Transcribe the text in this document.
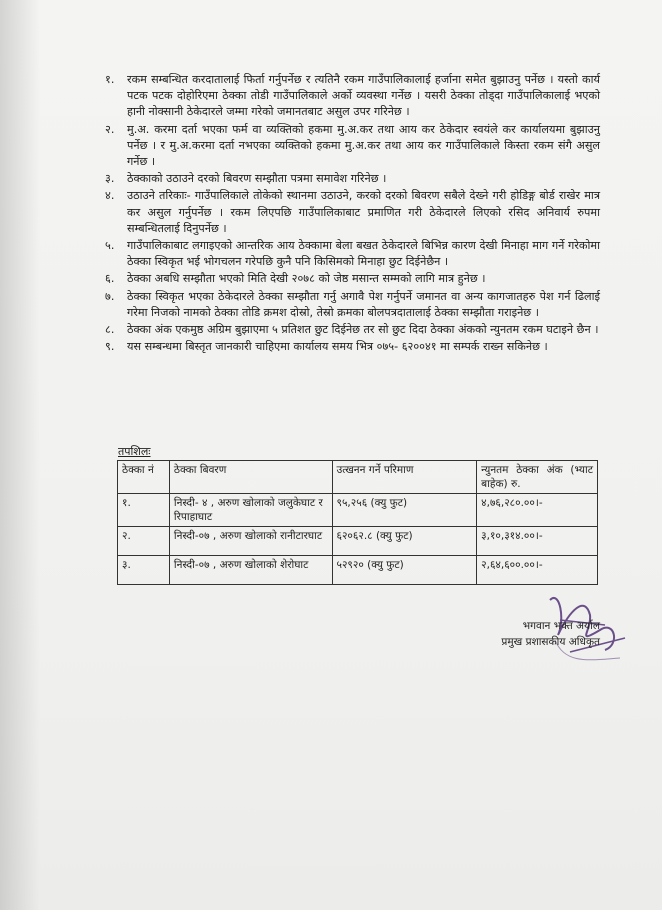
१.	रकम सम्बन्धित करदातालाई फिर्ता गर्नुपर्नेछ र त्यतिनै रकम गाउँपालिकालाई हर्जाना समेत बुझाउनु पर्नेछ । यस्तो कार्य पटक पटक दोहोरिएमा ठेक्का तोडी गाउँपालिकाले अर्को व्यवस्था गर्नेछ । यसरी ठेक्का तोड्दा गाउँपालिकालाई भएको हानी नोक्सानी ठेकेदारले जम्मा गरेको जमानतबाट असुल उपर गरिनेछ ।
२.	मु.अ. करमा दर्ता भएका फर्म वा व्यक्तिको हकमा मु.अ.कर तथा आय कर ठेकेदार स्वयंले कर कार्यालयमा बुझाउनु पर्नेछ । र मु.अ.करमा दर्ता नभएका व्यक्तिको हकमा मु.अ.कर तथा आय कर गाउँपालिकाले किस्ता रकम संगै असुल गर्नेछ ।
३.	ठेक्काको उठाउने दरको बिवरण सम्झौता पत्रमा समावेश गरिनेछ ।
४.	उठाउने तरिकाः- गाउँपालिकाले तोकेको स्थानमा उठाउने, करको दरको बिवरण सबैले देख्ने गरी होडिङ्ग बोर्ड राखेर मात्र कर असुल गर्नुपर्नेछ । रकम लिएपछि गाउँपालिकाबाट प्रमाणित गरी ठेकेदारले लिएको रसिद अनिवार्य रुपमा सम्बन्धितलाई दिनुपर्नेछ ।
५.	गाउँपालिकाबाट लगाइएको आन्तरिक आय ठेक्कामा बेला बखत ठेकेदारले बिभिन्न कारण देखी मिनाहा माग गर्ने गरेकोमा ठेक्का स्विकृत भई भोगचलन गरेपछि कुनै पनि किसिमको मिनाहा छुट दिईनेछैन ।
६.	ठेक्का अबधि सम्झौता भएको मिति देखी २०७८ को जेष्ठ मसान्त सम्मको लागि मात्र हुनेछ ।
७.	ठेक्का स्विकृत भएका ठेकेदारले ठेक्का सम्झौता गर्नु अगावै पेश गर्नुपर्ने जमानत वा अन्य कागजातहरु पेश गर्न ढिलाई गरेमा निजको नामको ठेक्का तोडि क्रमश दोस्रो, तेस्रो क्रमका बोलपत्रदातालाई ठेक्का सम्झौता गराइनेछ ।
८.	ठेक्का अंक एकमुष्ठ अग्रिम बुझाएमा ५ प्रतिशत छुट दिईनेछ तर सो छुट दिदा ठेक्का अंकको न्युनतम रकम घटाइने छैन ।
९.	यस सम्बन्धमा बिस्तृत जानकारी चाहिएमा कार्यालय समय भित्र ०७५- ६२००४१ मा सम्पर्क राख्न सकिनेछ ।
तपशिलः
ठेक्का नं	ठेक्का बिवरण	उत्खनन गर्ने परिमाण	न्युनतम ठेक्का अंक (भ्याट बाहेक) रु.
१.	निस्दी- ४ , अरुण खोलाको जलुकेघाट र रिपाहाघाट	९५,२५६ (क्यु फुट)	४,७६,२८०.००।-
२.	निस्दी-०७ , अरुण खोलाको रानीटारघाट	६२०६२.८ (क्यु फुट)	३,१०,३१४.००।-
३.	निस्दी-०७ , अरुण खोलाको शेरोघाट	५२९२० (क्यु फुट)	२,६४,६००.००।-
भगवान भक्त अर्याल
प्रमुख प्रशासकीय अधिकृत
